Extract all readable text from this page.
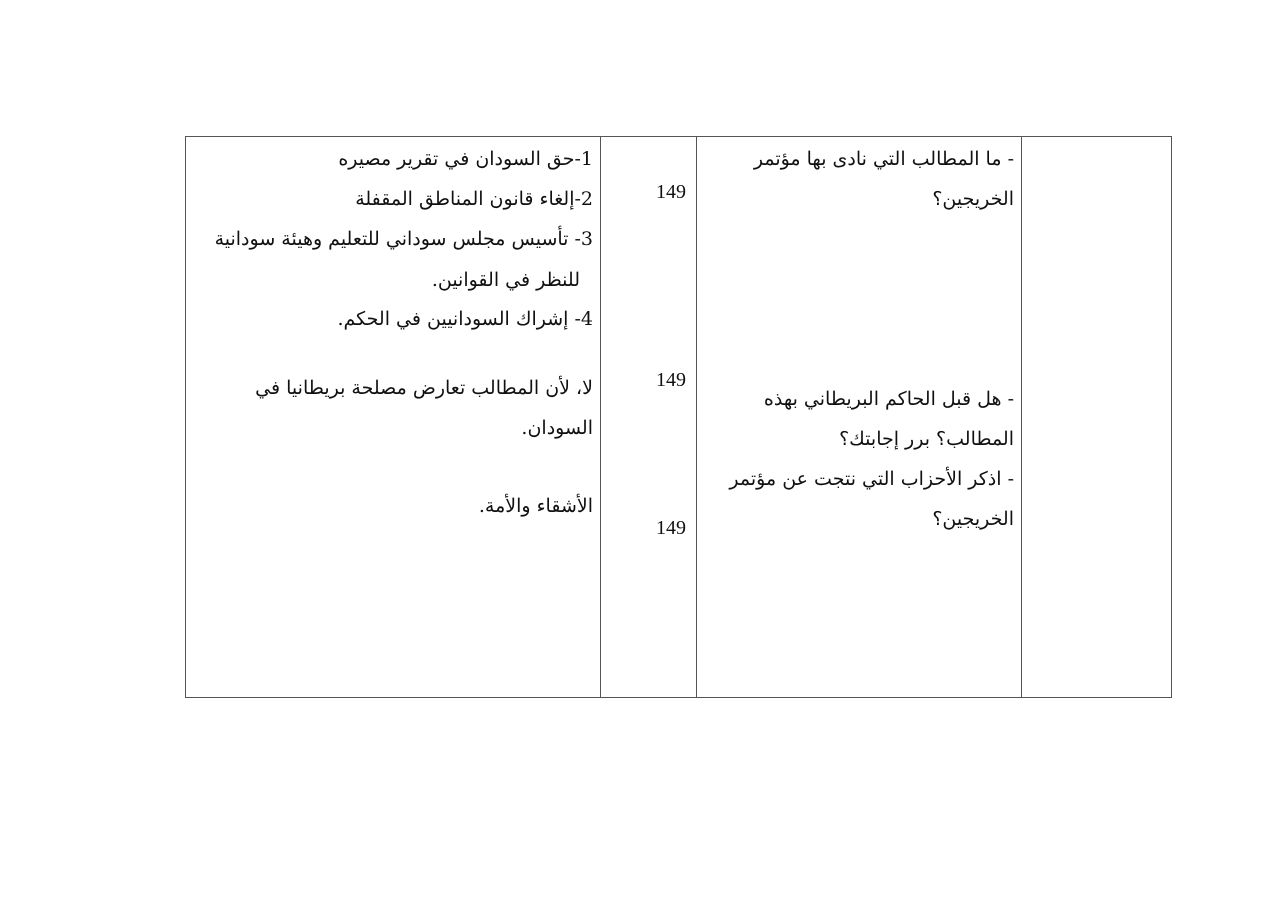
1-حق السودان في تقرير مصيره
2-إلغاء قانون المناطق المقفلة
3- تأسيس مجلس سوداني للتعليم وهيئة سودانية
للنظر في القوانين.
4- إشراك السودانيين في الحكم.
لا، لأن المطالب تعارض مصلحة بريطانيا في
السودان.
الأشقاء والأمة.
149
149
149
- ما المطالب التي نادى بها مؤتمر
الخريجين؟
- هل قبل الحاكم البريطاني بهذه
المطالب؟ برر إجابتك؟
- اذكر الأحزاب التي نتجت عن مؤتمر
الخريجين؟
